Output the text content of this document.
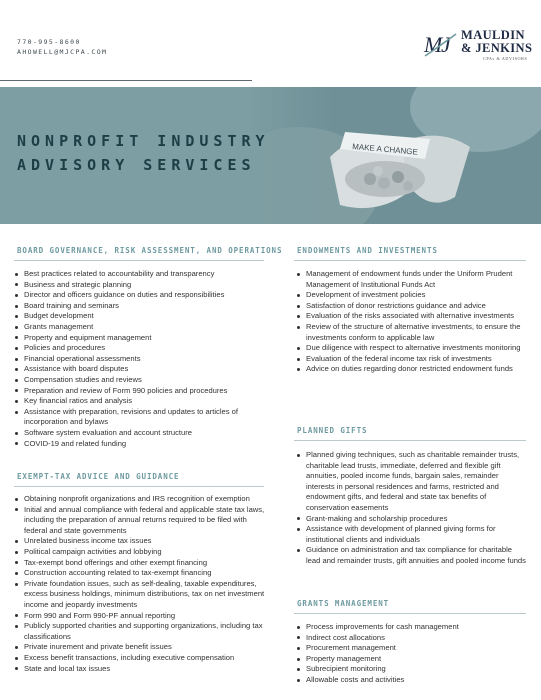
770-995-8600
AHOWELL@MJCPA.COM	M
J MAULDIN
& JENKINS
CPAs & ADVISORS
NONPROFIT INDUSTRY
ADVISORY SERVICES
BOARD GOVERNANCE, RISK ASSESSMENT, AND OPERATIONS
Best practices related to accountability and transparency
Business and strategic planning
Director and officers guidance on duties and responsibilities
Board training and seminars
Budget development
Grants management
Property and equipment management
Policies and procedures
Financial operational assessments
Assistance with board disputes
Compensation studies and reviews
Preparation and review of Form 990 policies and procedures
Key financial ratios and analysis
Assistance with preparation, revisions and updates to articles of incorporation and bylaws
Software system evaluation and account structure
COVID-19 and related funding
EXEMPT-TAX ADVICE AND GUIDANCE
Obtaining nonprofit organizations and IRS recognition of exemption
Initial and annual compliance with federal and applicable state tax laws, including the preparation of annual returns required to be filed with federal and state governments
Unrelated business income tax issues
Political campaign activities and lobbying
Tax-exempt bond offerings and other exempt financing
Construction accounting related to tax-exempt financing
Private foundation issues, such as self-dealing, taxable expenditures, excess business holdings, minimum distributions, tax on net investment income and jeopardy investments
Form 990 and Form 990-PF annual reporting
Publicly supported charities and supporting organizations, including tax classifications
Private inurement and private benefit issues
Excess benefit transactions, including executive compensation
State and local tax issues
ENDOWMENTS AND INVESTMENTS
Management of endowment funds under the Uniform Prudent Management of Institutional Funds Act
Development of investment policies
Satisfaction of donor restrictions guidance and advice
Evaluation of the risks associated with alternative investments
Review of the structure of alternative investments, to ensure the investments conform to applicable law
Due diligence with respect to alternative investments monitoring
Evaluation of the federal income tax risk of investments
Advice on duties regarding donor restricted endowment funds
PLANNED GIFTS
Planned giving techniques, such as charitable remainder trusts, charitable lead trusts, immediate, deferred and flexible gift annuities, pooled income funds, bargain sales, remainder interests in personal residences and farms, restricted and endowment gifts, and federal and state tax benefits of conservation easements
Grant-making and scholarship procedures
Assistance with development of planned giving forms for institutional clients and individuals
Guidance on administration and tax compliance for charitable lead and remainder trusts, gift annuities and pooled income funds
GRANTS MANAGEMENT
Process improvements for cash management
Indirect cost allocations
Procurement management
Property management
Subrecipient monitoring
Allowable costs and activities
